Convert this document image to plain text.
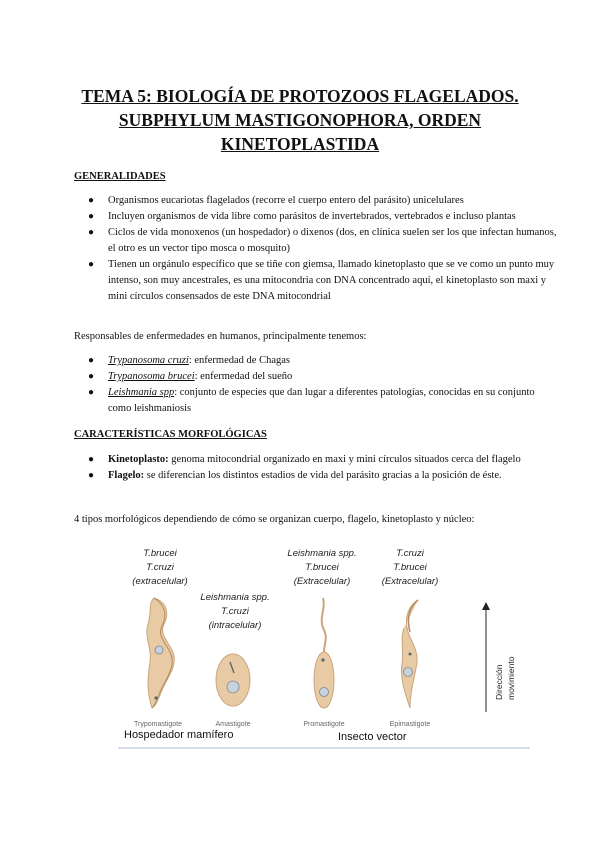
TEMA 5: BIOLOGÍA DE PROTOZOOS FLAGELADOS.
SUBPHYLUM MASTIGONOPHORA, ORDEN
KINETOPLASTIDA
GENERALIDADES
● Organismos eucariotas flagelados (recorre el cuerpo entero del parásito) unicelulares
● Incluyen organismos de vida libre como parásitos de invertebrados, vertebrados e incluso plantas
● Ciclos de vida monoxenos (un hospedador) o dixenos (dos, en clínica suelen ser los que infectan humanos, el otro es un vector tipo mosca o mosquito)
● Tienen un orgánulo específico que se tiñe con giemsa, llamado kinetoplasto que se ve como un punto muy intenso, son muy ancestrales, es una mitocondria con DNA concentrado aquí, el kinetoplasto son maxi y mini círculos consensados de este DNA mitocondrial
Responsables de enfermedades en humanos, principalmente tenemos:
● Trypanosoma cruzi: enfermedad de Chagas
● Trypanosoma brucei: enfermedad del sueño
● Leishmania spp: conjunto de especies que dan lugar a diferentes patologías, conocidas en su conjunto como leishmaniosis
CARACTERÍSTICAS MORFOLÓGICAS
● Kinetoplasto: genoma mitocondrial organizado en maxi y mini círculos situados cerca del flagelo
● Flagelo: se diferencian los distintos estadios de vida del parásito gracias a la posición de éste.
4 tipos morfológicos dependiendo de cómo se organizan cuerpo, flagelo, kinetoplasto y núcleo:
T.brucei
T.cruzi
(extracelular)
Leishmania spp.
T.cruzi
(intracelular)
Leishmania spp.
T.brucei
(Extracelular)
T.cruzi
T.brucei
(Extracelular)
Trypomastigote	Amastigote	Promastigote	Epimastigote
Dirección movimiento
Hospedador mamífero	Insecto vector
